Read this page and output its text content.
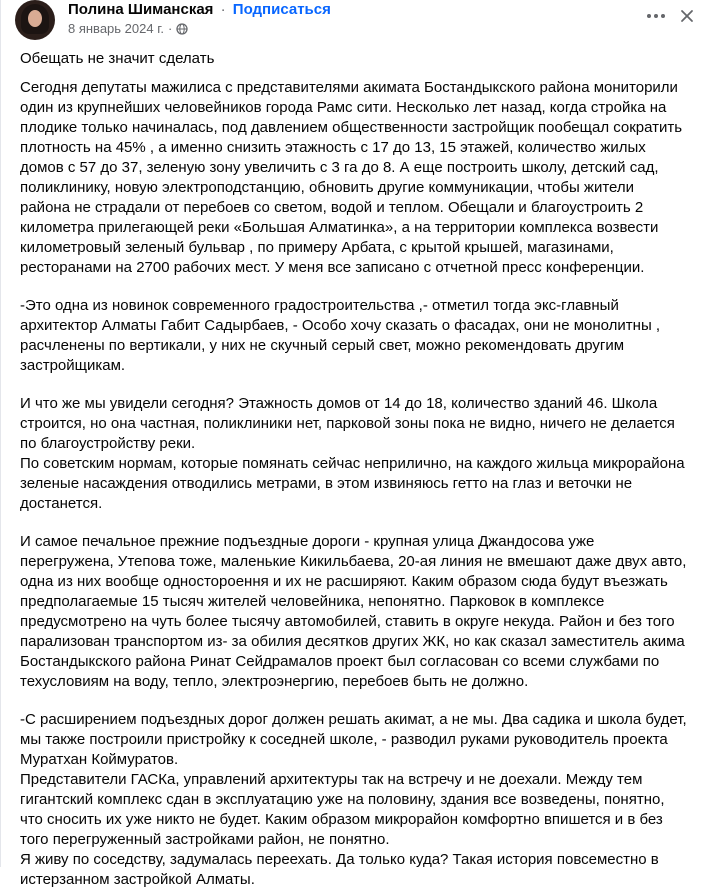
Полина Шиманская · Подписаться
8 январь 2024 г. ·

Обещать не значит сделать

Сегодня депутаты мажилиса с представителями акимата Бостандыкского района мониторили один из крупнейших человейников города Рамс сити. Несколько лет назад, когда стройка на плодике только начиналась, под давлением общественности застройщик пообещал сократить плотность на 45% , а именно снизить этажность с 17 до 13, 15 этажей, количество жилых домов с 57 до 37, зеленую зону увеличить с 3 га до 8. А еще построить школу, детский сад, поликлинику, новую электроподстанцию, обновить другие коммуникации, чтобы жители района не страдали от перебоев со светом, водой и теплом. Обещали и благоустроить 2 километра прилегающей реки «Большая Алматинка», а на территории комплекса возвести километровый зеленый бульвар , по примеру Арбата, с крытой крышей, магазинами, ресторанами на 2700 рабочих мест. У меня все записано с отчетной пресс конференции.

-Это одна из новинок современного градостроительства ,- отметил тогда экс-главный архитектор Алматы Габит Садырбаев, - Особо хочу сказать о фасадах, они не монолитны , расчленены по вертикали, у них не скучный серый свет, можно рекомендовать другим застройщикам.

И что же мы увидели сегодня? Этажность домов от 14 до 18, количество зданий 46. Школа строится, но она частная, поликлиники нет, парковой зоны пока не видно, ничего не делается по благоустройству реки.

По советским нормам, которые помянать сейчас неприлично, на каждого жильца микрорайона зеленые насаждения отводились метрами, в этом извиняюсь гетто на глаз и веточки не достанется.

И самое печальное прежние подъездные дороги - крупная улица Джандосова уже перегружена, Утепова тоже, маленькие Кикильбаева, 20-ая линия не вмешают даже двух авто, одна из них вообще одностороення и их не расширяют. Каким образом сюда будут въезжать предполагаемые 15 тысяч жителей человейника, непонятно. Парковок в комплексе предусмотрено на чуть более тысячу автомобилей, ставить в округе некуда. Район и без того парализован транспортом из- за обилия десятков других ЖК, но как сказал заместитель акима Бостандыкского района Ринат Сейдрамалов проект был согласован со всеми службами по техусловиям на воду, тепло, электроэнергию, перебоев быть не должно.

-С расширением подъездных дорог должен решать акимат, а не мы. Два садика и школа будет, мы также построили пристройку к соседней школе, - разводил руками руководитель проекта Муратхан Коймуратов.

Представители ГАСКа, управлений архитектуры так на встречу и не доехали. Между тем гигантский комплекс сдан в эксплуатацию уже на половину, здания все возведены, понятно, что сносить их уже никто не будет. Каким образом микрорайон комфортно впишется и в без того перегруженный застройками район, не понятно.

Я живу по соседству, задумалась переехать. Да только куда? Такая история повсеместно в истерзанном застройкой Алматы.
